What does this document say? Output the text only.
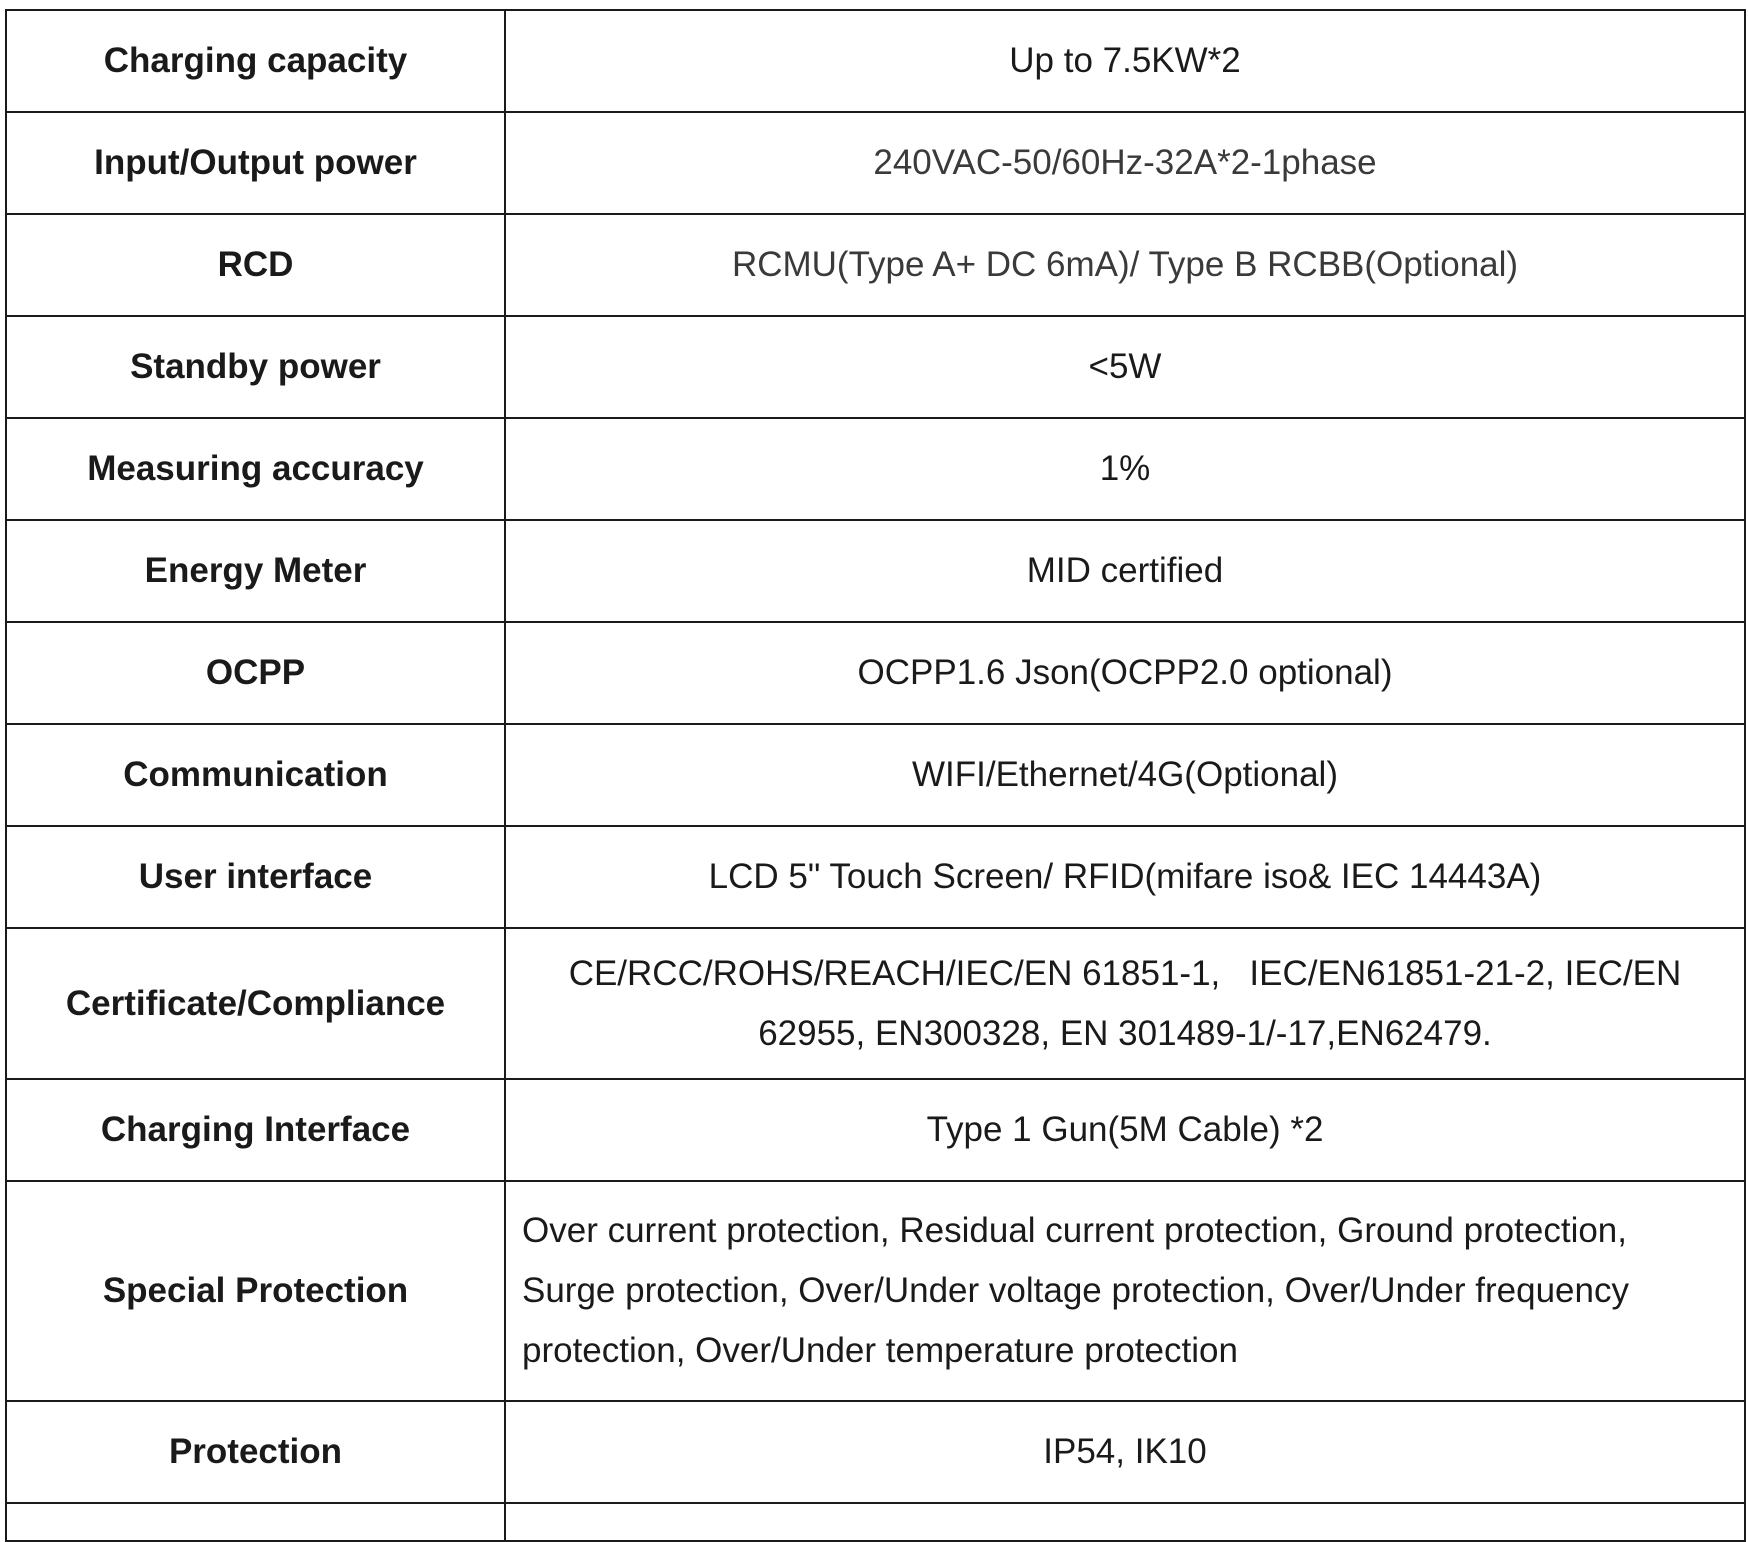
Charging capacity	Up to 7.5KW*2
Input/Output power	240VAC-50/60Hz-32A*2-1phase
RCD	RCMU(Type A+ DC 6mA)/ Type B RCBB(Optional)
Standby power	<5W
Measuring accuracy	1%
Energy Meter	MID certified
OCPP	OCPP1.6 Json(OCPP2.0 optional)
Communication	WIFI/Ethernet/4G(Optional)
User interface	LCD 5" Touch Screen/ RFID(mifare iso& IEC 14443A)
Certificate/Compliance	CE/RCC/ROHS/REACH/IEC/EN 61851-1,   IEC/EN61851-21-2, IEC/EN 62955, EN300328, EN 301489-1/-17,EN62479.
Charging Interface	Type 1 Gun(5M Cable) *2
Special Protection	Over current protection, Residual current protection, Ground protection, Surge protection, Over/Under voltage protection, Over/Under frequency protection, Over/Under temperature protection
Protection	IP54, IK10
